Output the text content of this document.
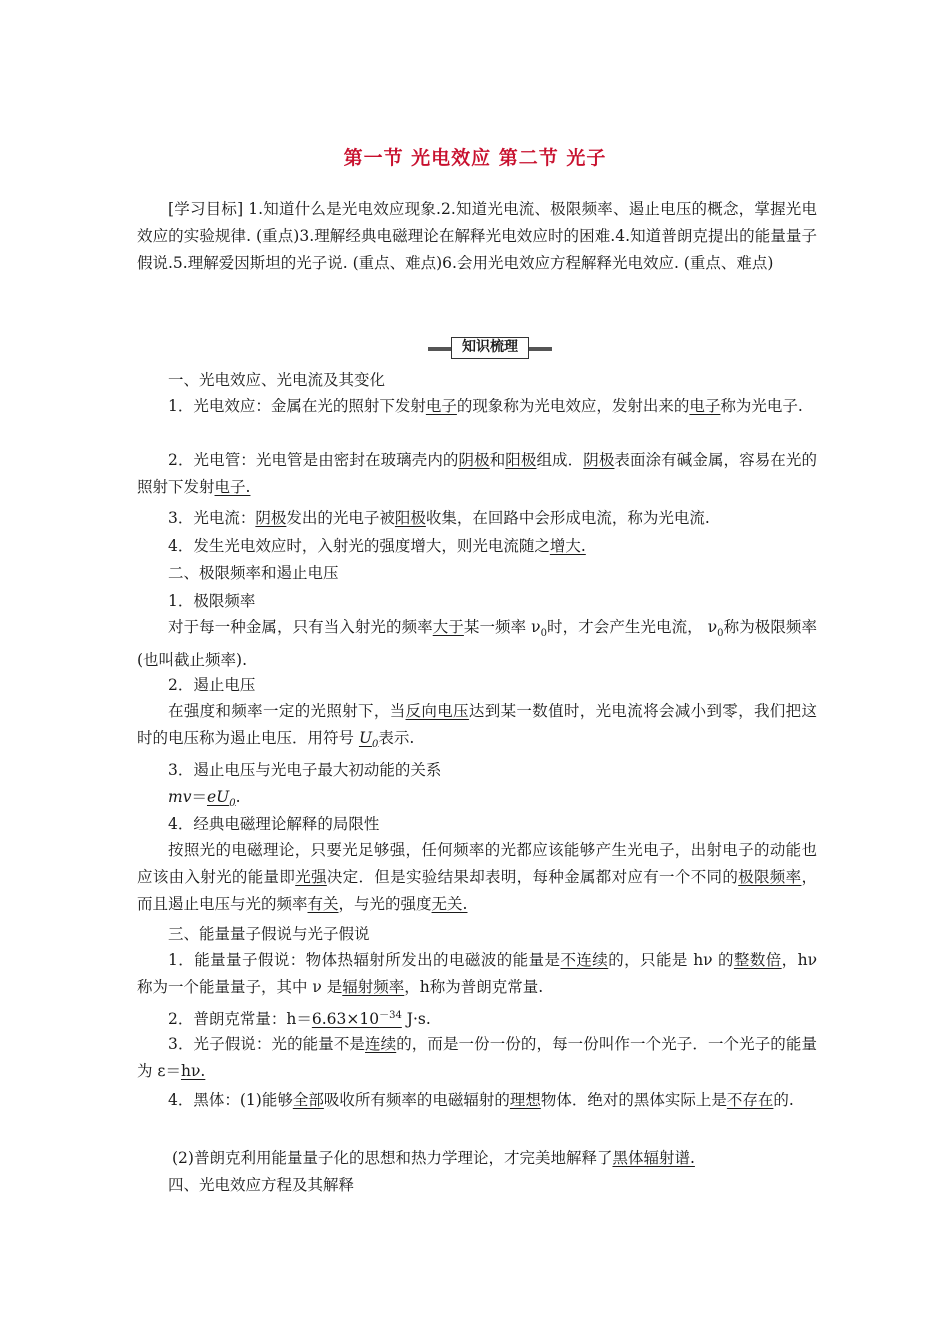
第一节 光电效应 第二节 光子
[学习目标] 1.知道什么是光电效应现象.2.知道光电流、极限频率、遏止电压的概念，掌握光电效应的实验规律. (重点)3.理解经典电磁理论在解释光电效应时的困难.4.知道普朗克提出的能量量子假说.5.理解爱因斯坦的光子说. (重点、难点)6.会用光电效应方程解释光电效应. (重点、难点)
知识梳理
一、光电效应、光电流及其变化
1．光电效应：金属在光的照射下发射电子的现象称为光电效应，发射出来的电子称为光电子.
2．光电管：光电管是由密封在玻璃壳内的阴极和阳极组成．阴极表面涂有碱金属，容易在光的照射下发射电子.
3．光电流：阴极发出的光电子被阳极收集，在回路中会形成电流，称为光电流.
4．发生光电效应时，入射光的强度增大，则光电流随之增大.
二、极限频率和遏止电压
1．极限频率
对于每一种金属，只有当入射光的频率大于某一频率 $\nu_0$时，才会产生光电流， $\nu_0$称为极限频率(也叫截止频率).
2．遏止电压
在强度和频率一定的光照射下，当反向电压达到某一数值时，光电流将会减小到零，我们把这时的电压称为遏止电压．用符号 $U_0$表示.
3．遏止电压与光电子最大初动能的关系
$mv=eU_0$.
4．经典电磁理论解释的局限性
按照光的电磁理论，只要光足够强，任何频率的光都应该能够产生光电子，出射电子的动能也应该由入射光的能量即光强决定．但是实验结果却表明，每种金属都对应有一个不同的极限频率，而且遏止电压与光的频率有关，与光的强度无关.
三、能量量子假说与光子假说
1．能量量子假说：物体热辐射所发出的电磁波的能量是不连续的，只能是 hν 的整数倍，hν 称为一个能量量子，其中 ν 是辐射频率，h称为普朗克常量.
2．普朗克常量：$h=6.63\times 10^{-34}$ J·s.
3．光子假说：光的能量不是连续的，而是一份一份的，每一份叫作一个光子．一个光子的能量为 ε＝hν.
4．黑体：(1)能够全部吸收所有频率的电磁辐射的理想物体．绝对的黑体实际上是不存在的.
(2)普朗克利用能量量子化的思想和热力学理论，才完美地解释了黑体辐射谱.
四、光电效应方程及其解释
